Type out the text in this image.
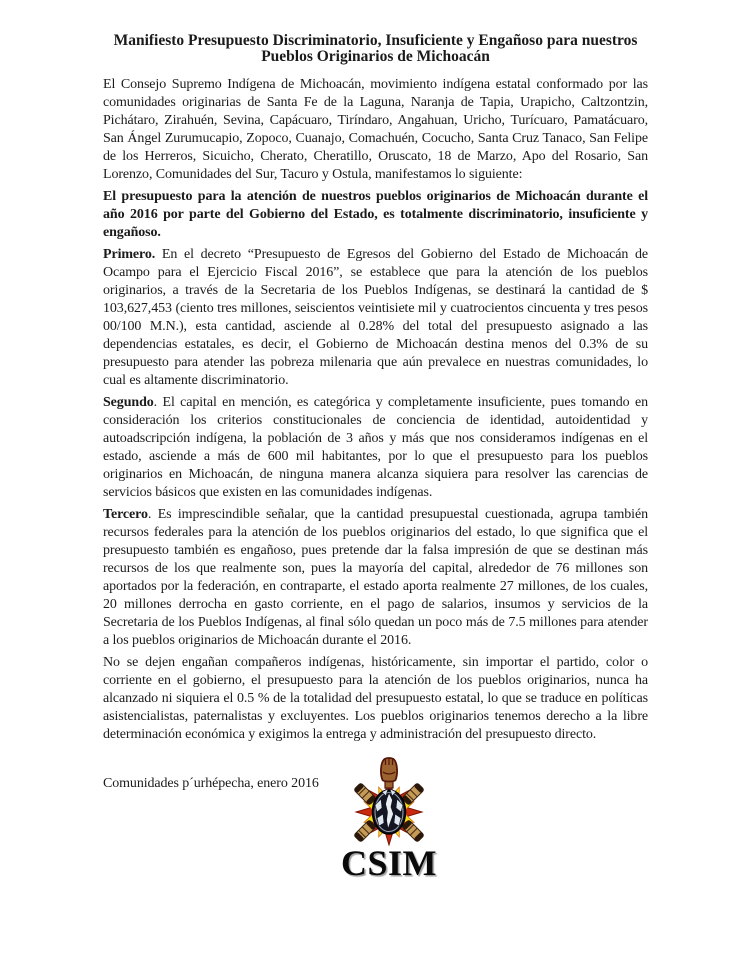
Manifiesto Presupuesto Discriminatorio, Insuficiente y Engañoso para nuestros
Pueblos Originarios de Michoacán

El Consejo Supremo Indígena de Michoacán, movimiento indígena estatal conformado por las comunidades originarias de Santa Fe de la Laguna, Naranja de Tapia, Urapicho, Caltzontzin, Pichátaro, Zirahuén, Sevina, Capácuaro, Tiríndaro, Angahuan, Uricho, Turícuaro, Pamatácuaro, San Ángel Zurumucapio, Zopoco, Cuanajo, Comachuén, Cocucho, Santa Cruz Tanaco, San Felipe de los Herreros, Sicuicho, Cherato, Cheratillo, Oruscato, 18 de Marzo, Apo del Rosario, San Lorenzo, Comunidades del Sur, Tacuro y Ostula, manifestamos lo siguiente:

El presupuesto para la atención de nuestros pueblos originarios de Michoacán durante el año 2016 por parte del Gobierno del Estado, es totalmente discriminatorio, insuficiente y engañoso.

Primero. En el decreto “Presupuesto de Egresos del Gobierno del Estado de Michoacán de Ocampo para el Ejercicio Fiscal 2016”, se establece que para la atención de los pueblos originarios, a través de la Secretaria de los Pueblos Indígenas, se destinará la cantidad de $ 103,627,453 (ciento tres millones, seiscientos veintisiete mil y cuatrocientos cincuenta y tres pesos 00/100 M.N.), esta cantidad, asciende al 0.28% del total del presupuesto asignado a las dependencias estatales, es decir, el Gobierno de Michoacán destina menos del 0.3% de su presupuesto para atender las pobreza milenaria que aún prevalece en nuestras comunidades, lo cual es altamente discriminatorio.

Segundo. El capital en mención, es categórica y completamente insuficiente, pues tomando en consideración los criterios constitucionales de conciencia de identidad, autoidentidad y autoadscripción indígena, la población de 3 años y más que nos consideramos indígenas en el estado, asciende a más de 600 mil habitantes, por lo que el presupuesto para los pueblos originarios en Michoacán, de ninguna manera alcanza siquiera para resolver las carencias de servicios básicos que existen en las comunidades indígenas.

Tercero. Es imprescindible señalar, que la cantidad presupuestal cuestionada, agrupa también recursos federales para la atención de los pueblos originarios del estado, lo que significa que el presupuesto también es engañoso, pues pretende dar la falsa impresión de que se destinan más recursos de los que realmente son, pues la mayoría del capital, alrededor de 76 millones son aportados por la federación, en contraparte, el estado aporta realmente 27 millones, de los cuales, 20 millones derrocha en gasto corriente, en el pago de salarios, insumos y servicios de la Secretaria de los Pueblos Indígenas, al final sólo quedan un poco más de 7.5 millones para atender a los pueblos originarios de Michoacán durante el 2016.

No se dejen engañan compañeros indígenas, históricamente, sin importar el partido, color o corriente en el gobierno, el presupuesto para la atención de los pueblos originarios, nunca ha alcanzado ni siquiera el 0.5 % de la totalidad del presupuesto estatal, lo que se traduce en políticas asistencialistas, paternalistas y excluyentes. Los pueblos originarios tenemos derecho a la libre determinación económica y exigimos la entrega y administración del presupuesto directo.

Comunidades p´urhépecha, enero 2016
CSIM
